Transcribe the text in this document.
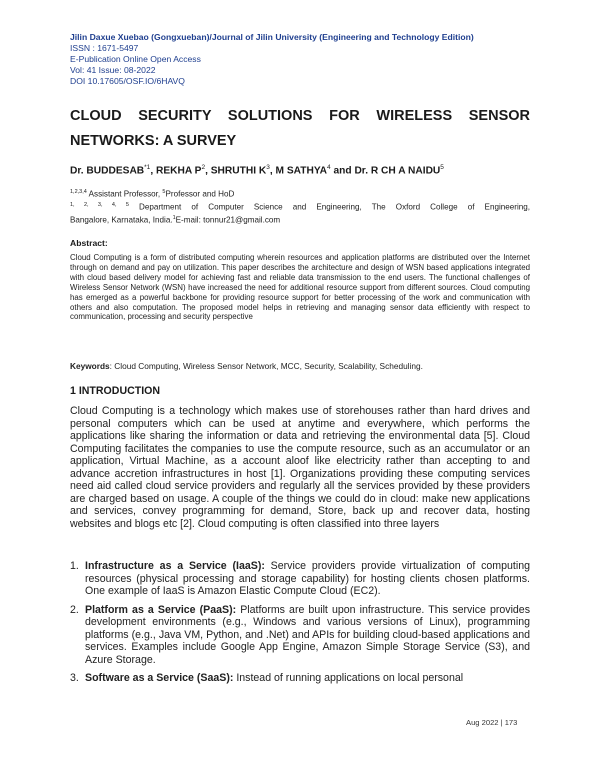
Jilin Daxue Xuebao (Gongxueban)/Journal of Jilin University (Engineering and Technology Edition)
ISSN : 1671-5497
E-Publication Online Open Access
Vol: 41 Issue: 08-2022
DOI 10.17605/OSF.IO/6HAVQ
CLOUD SECURITY SOLUTIONS FOR WIRELESS SENSOR
NETWORKS: A SURVEY
Dr. BUDDESAB$^{*1}$, REKHA $P^2$, SHRUTHI $K^3$, M SATHYA$^4$ and Dr. R CH A NAIDU$^5$
$^{1,2,3,4}$ Assistant Professor, $^5$Professor and HoD
$^{1, 2, 3, 4, 5}$ Department of Computer Science and Engineering, The Oxford College of Engineering,
Bangalore, Karnataka, India.$^1$E-mail: tonnur21@gmail.com
Abstract:
Cloud Computing is a form of distributed computing wherein resources and application platforms are distributed over the Internet through on demand and pay on utilization. This paper describes the architecture and design of WSN based applications integrated with cloud based delivery model for achieving fast and reliable data transmission to the end users. The functional challenges of Wireless Sensor Network (WSN) have increased the need for additional resource support from different sources. Cloud computing has emerged as a powerful backbone for providing resource support for better processing of the work and communication with others and also computation. The proposed model helps in retrieving and managing sensor data efficiently with respect to communication, processing and security perspective
Keywords: Cloud Computing, Wireless Sensor Network, MCC, Security, Scalability, Scheduling.
1 INTRODUCTION
Cloud Computing is a technology which makes use of storehouses rather than hard drives and personal computers which can be used at anytime and everywhere, which performs the applications like sharing the information or data and retrieving the environmental data [5]. Cloud Computing facilitates the companies to use the compute resource, such as an accumulator or an application, Virtual Machine, as a account aloof like electricity rather than accepting to and advance accretion infrastructures in host [1]. Organizations providing these computing services need aid called cloud service providers and regularly all the services provided by these providers are charged based on usage. A couple of the things we could do in cloud: make new applications and services, convey programming for demand, Store, back up and recover data, hosting websites and blogs etc [2]. Cloud computing is often classified into three layers
1. Infrastructure as a Service (IaaS): Service providers provide virtualization of computing resources (physical processing and storage capability) for hosting clients chosen platforms. One example of IaaS is Amazon Elastic Compute Cloud (EC2).
2. Platform as a Service (PaaS): Platforms are built upon infrastructure. This service provides development environments (e.g., Windows and various versions of Linux), programming platforms (e.g., Java VM, Python, and .Net) and APIs for building cloud-based applications and services. Examples include Google App Engine, Amazon Simple Storage Service (S3), and Azure Storage.
3. Software as a Service (SaaS): Instead of running applications on local personal
Aug 2022 | 173
